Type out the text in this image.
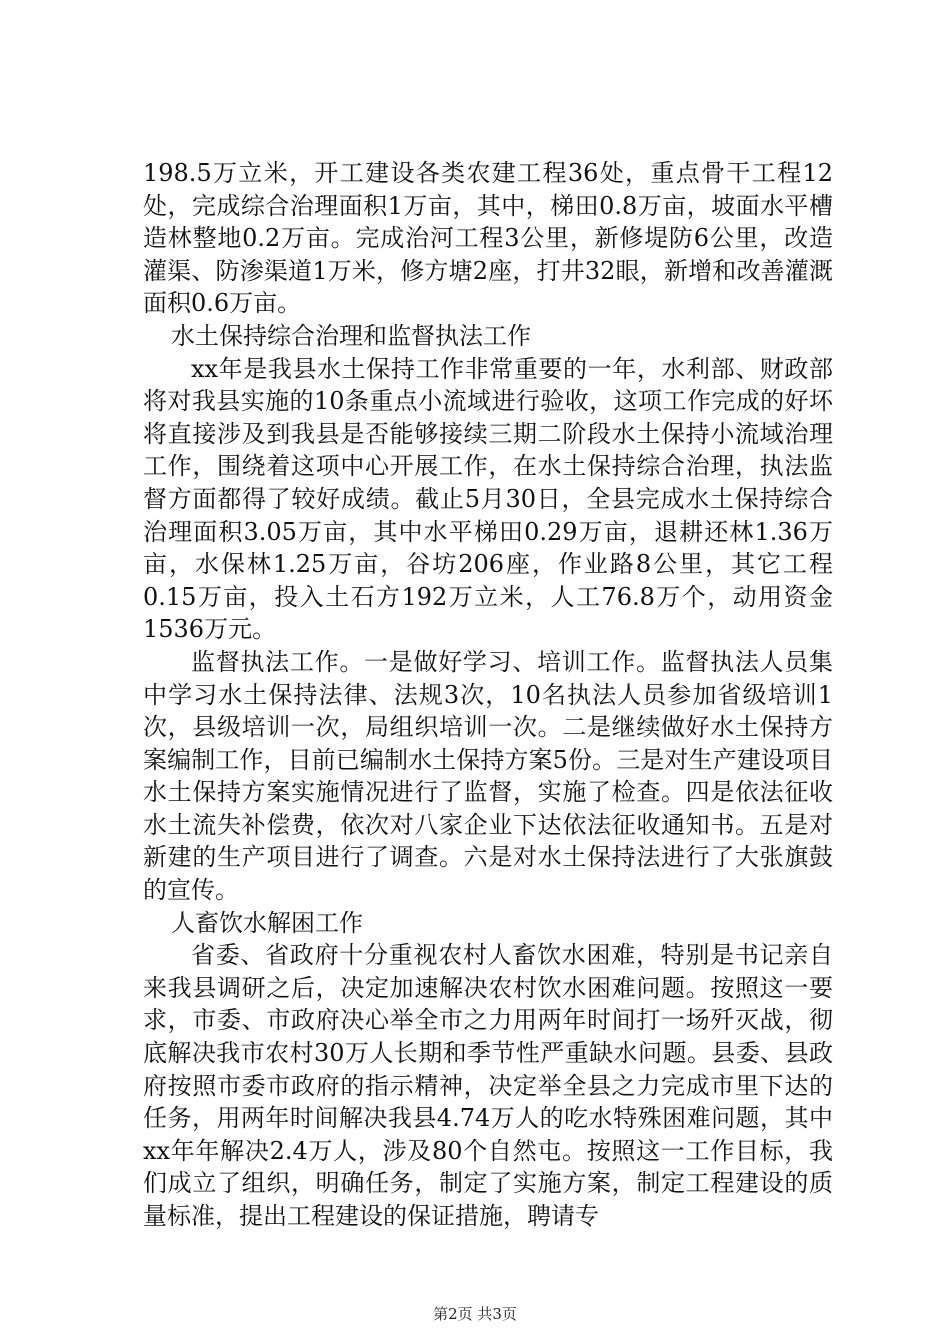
198.5万立米，开工建设各类农建工程36处，重点骨干工程12处，完成综合治理面积1万亩，其中，梯田0.8万亩，坡面水平槽造林整地0.2万亩。完成治河工程3公里，新修堤防6公里，改造灌渠、防渗渠道1万米，修方塘2座，打井32眼，新增和改善灌溉面积0.6万亩。

水土保持综合治理和监督执法工作

xx年是我县水土保持工作非常重要的一年，水利部、财政部将对我县实施的10条重点小流域进行验收，这项工作完成的好坏将直接涉及到我县是否能够接续三期二阶段水土保持小流域治理工作，围绕着这项中心开展工作，在水土保持综合治理，执法监督方面都得了较好成绩。截止5月30日，全县完成水土保持综合治理面积3.05万亩，其中水平梯田0.29万亩，退耕还林1.36万亩，水保林1.25万亩，谷坊206座，作业路8公里，其它工程0.15万亩，投入土石方192万立米，人工76.8万个，动用资金1536万元。

监督执法工作。一是做好学习、培训工作。监督执法人员集中学习水土保持法律、法规3次，10名执法人员参加省级培训1次，县级培训一次，局组织培训一次。二是继续做好水土保持方案编制工作，目前已编制水土保持方案5份。三是对生产建设项目水土保持方案实施情况进行了监督，实施了检查。四是依法征收水土流失补偿费，依次对八家企业下达依法征收通知书。五是对新建的生产项目进行了调查。六是对水土保持法进行了大张旗鼓的宣传。

人畜饮水解困工作

省委、省政府十分重视农村人畜饮水困难，特别是书记亲自来我县调研之后，决定加速解决农村饮水困难问题。按照这一要求，市委、市政府决心举全市之力用两年时间打一场歼灭战，彻底解决我市农村30万人长期和季节性严重缺水问题。县委、县政府按照市委市政府的指示精神，决定举全县之力完成市里下达的任务，用两年时间解决我县4.74万人的吃水特殊困难问题，其中xx年年解决2.4万人，涉及80个自然屯。按照这一工作目标，我们成立了组织，明确任务，制定了实施方案，制定工程建设的质量标准，提出工程建设的保证措施，聘请专

第2页 共3页
